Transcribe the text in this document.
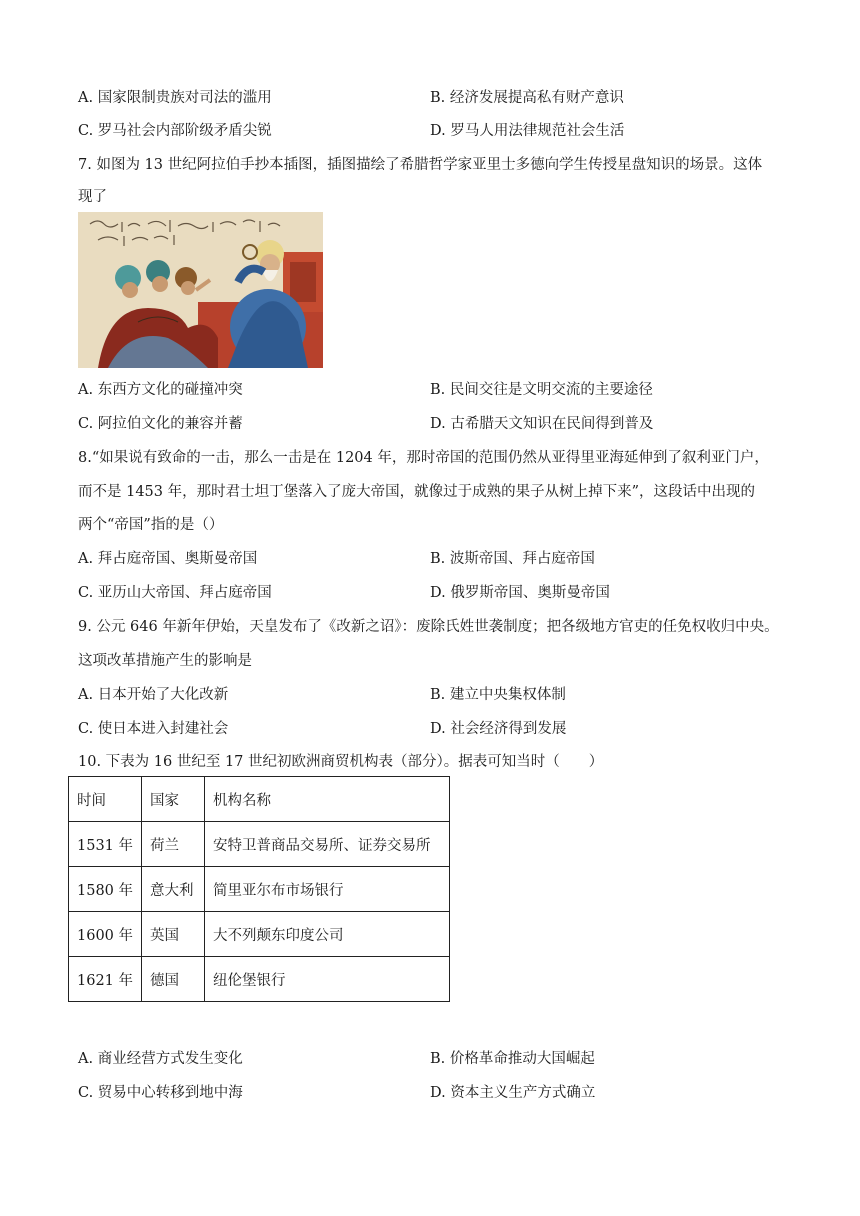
A. 国家限制贵族对司法的滥用	B. 经济发展提高私有财产意识
C. 罗马社会内部阶级矛盾尖锐	D. 罗马人用法律规范社会生活
7. 如图为 13 世纪阿拉伯手抄本插图，插图描绘了希腊哲学家亚里士多德向学生传授星盘知识的场景。这体
现了
A. 东西方文化的碰撞冲突	B. 民间交往是文明交流的主要途径
C. 阿拉伯文化的兼容并蓄	D. 古希腊天文知识在民间得到普及
8.“如果说有致命的一击，那么一击是在 1204 年，那时帝国的范围仍然从亚得里亚海延伸到了叙利亚门户，
而不是 1453 年，那时君士坦丁堡落入了庞大帝国，就像过于成熟的果子从树上掉下来”，这段话中出现的
两个“帝国”指的是（）
A. 拜占庭帝国、奥斯曼帝国	B. 波斯帝国、拜占庭帝国
C. 亚历山大帝国、拜占庭帝国	D. 俄罗斯帝国、奥斯曼帝国
9. 公元 646 年新年伊始，天皇发布了《改新之诏》：废除氏姓世袭制度；把各级地方官吏的任免权收归中央。
这项改革措施产生的影响是
A. 日本开始了大化改新	B. 建立中央集权体制
C. 使日本进入封建社会	D. 社会经济得到发展
10. 下表为 16 世纪至 17 世纪初欧洲商贸机构表（部分）。据表可知当时（　　）
时间	国家	机构名称
1531 年	荷兰	安特卫普商品交易所、证券交易所
1580 年	意大利	简里亚尔布市场银行
1600 年	英国	大不列颠东印度公司
1621 年	德国	纽伦堡银行
A. 商业经营方式发生变化	B. 价格革命推动大国崛起
C. 贸易中心转移到地中海	D. 资本主义生产方式确立
